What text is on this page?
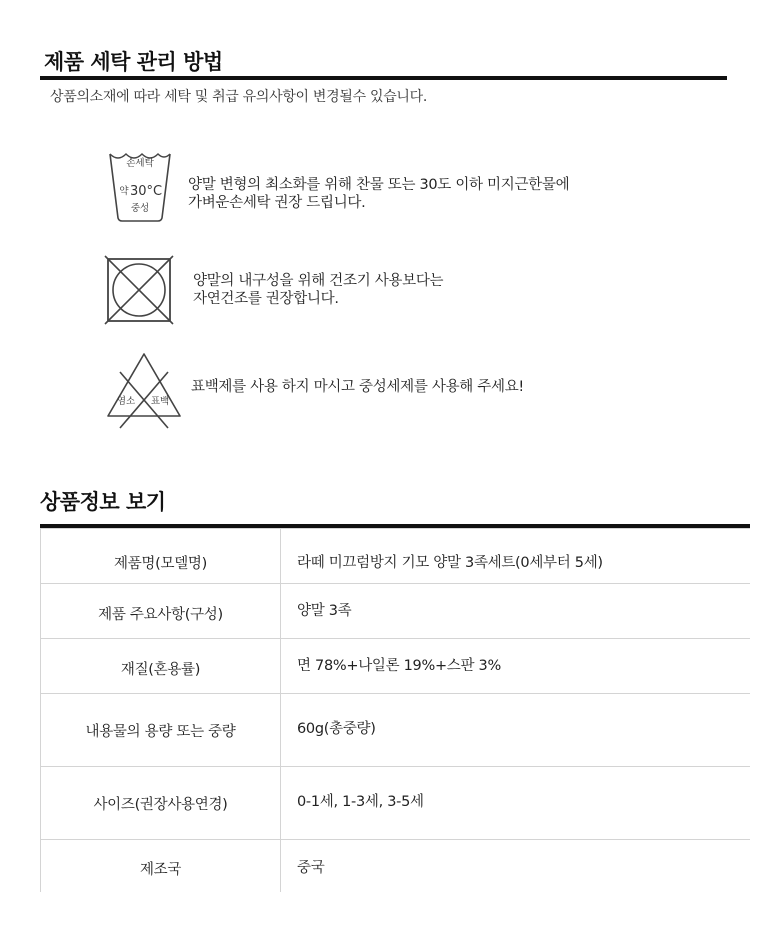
제품 세탁 관리 방법
상품의소재에 따라 세탁 및 취급 유의사항이 변경될수 있습니다.
손세탁
약 30°C
중성
양말 변형의 최소화를 위해 찬물 또는 30도 이하 미지근한물에
가벼운손세탁 권장 드립니다.
양말의 내구성을 위해 건조기 사용보다는
자연건조를 권장합니다.
염소 표백
표백제를 사용 하지 마시고 중성세제를 사용해 주세요!
상품정보 보기
제품명(모델명)	라떼 미끄럼방지 기모 양말 3족세트(0세부터 5세)
제품 주요사항(구성)	양말 3족
재질(혼용률)	면 78%+나일론 19%+스판 3%
내용물의 용량 또는 중량	60g(총중량)
사이즈(권장사용연경)	0-1세, 1-3세, 3-5세
제조국	중국
